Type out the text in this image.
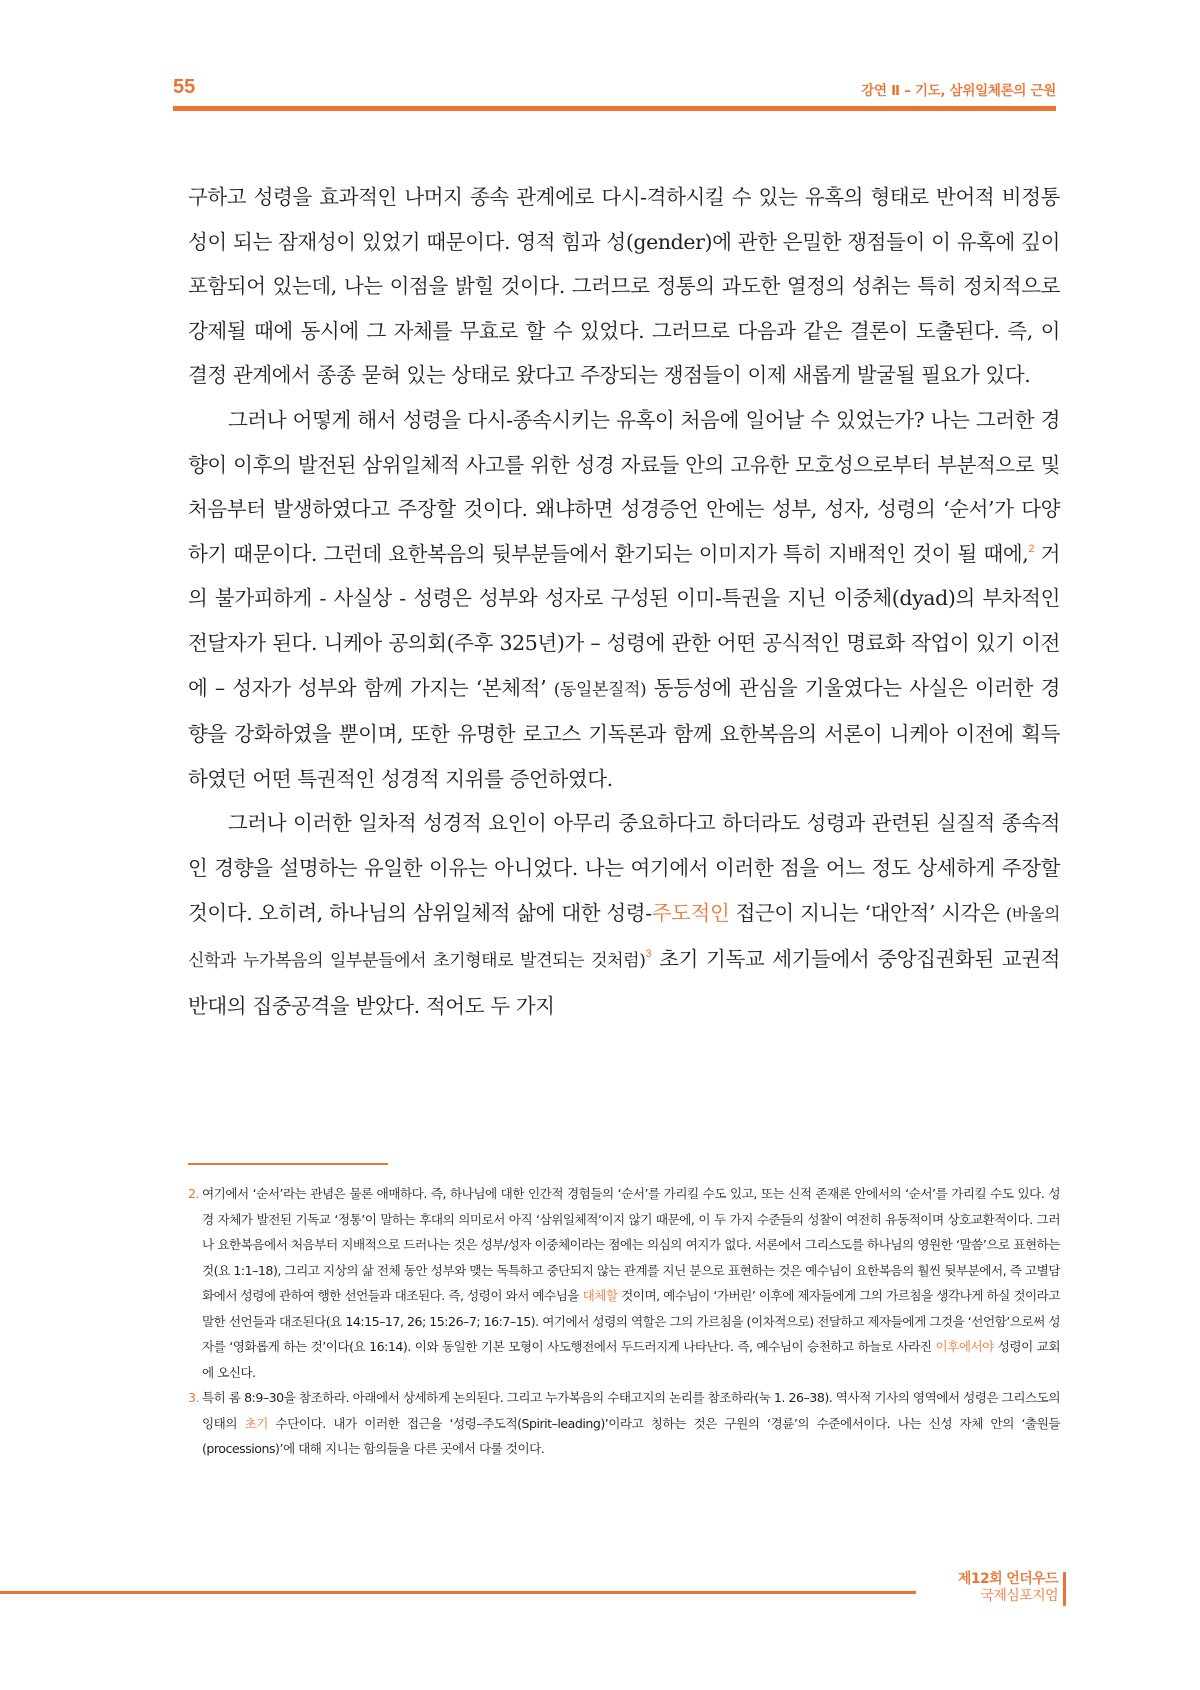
55	강연 Ⅱ – 기도, 삼위일체론의 근원

구하고 성령을 효과적인 나머지 종속 관계에로 다시-격하시킬 수 있는 유혹의 형태로 반어적 비정통성이 되는 잠재성이 있었기 때문이다. 영적 힘과 성(gender)에 관한 은밀한 쟁점들이 이 유혹에 깊이 포함되어 있는데, 나는 이점을 밝힐 것이다. 그러므로 정통의 과도한 열정의 성취는 특히 정치적으로 강제될 때에 동시에 그 자체를 무효로 할 수 있었다. 그러므로 다음과 같은 결론이 도출된다. 즉, 이 결정 관계에서 종종 묻혀 있는 상태로 왔다고 주장되는 쟁점들이 이제 새롭게 발굴될 필요가 있다.

그러나 어떻게 해서 성령을 다시-종속시키는 유혹이 처음에 일어날 수 있었는가? 나는 그러한 경향이 이후의 발전된 삼위일체적 사고를 위한 성경 자료들 안의 고유한 모호성으로부터 부분적으로 및 처음부터 발생하였다고 주장할 것이다. 왜냐하면 성경증언 안에는 성부, 성자, 성령의 ‘순서’가 다양하기 때문이다. 그런데 요한복음의 뒷부분들에서 환기되는 이미지가 특히 지배적인 것이 될 때에,$^2$ 거의 불가피하게 - 사실상 - 성령은 성부와 성자로 구성된 이미-특권을 지닌 이중체(dyad)의 부차적인 전달자가 된다. 니케아 공의회(주후 325년)가 – 성령에 관한 어떤 공식적인 명료화 작업이 있기 이전에 – 성자가 성부와 함께 가지는 ‘본체적’ (동일본질적) 동등성에 관심을 기울였다는 사실은 이러한 경향을 강화하였을 뿐이며, 또한 유명한 로고스 기독론과 함께 요한복음의 서론이 니케아 이전에 획득하였던 어떤 특권적인 성경적 지위를 증언하였다.

그러나 이러한 일차적 성경적 요인이 아무리 중요하다고 하더라도 성령과 관련된 실질적 종속적인 경향을 설명하는 유일한 이유는 아니었다. 나는 여기에서 이러한 점을 어느 정도 상세하게 주장할 것이다. 오히려, 하나님의 삼위일체적 삶에 대한 성령-주도적인 접근이 지니는 ‘대안적’ 시각은 (바울의 신학과 누가복음의 일부분들에서 초기형태로 발견되는 것처럼)$^3$ 초기 기독교 세기들에서 중앙집권화된 교권적 반대의 집중공격을 받았다. 적어도 두 가지

2. 여기에서 ‘순서’라는 관념은 물론 애매하다. 즉, 하나님에 대한 인간적 경험들의 ‘순서’를 가리킬 수도 있고, 또는 신적 존재론 안에서의 ‘순서’를 가리킬 수도 있다. 성경 자체가 발전된 기독교 ‘정통’이 말하는 후대의 의미로서 아직 ‘삼위일체적’이지 않기 때문에, 이 두 가지 수준들의 성찰이 여전히 유동적이며 상호교환적이다. 그러나 요한복음에서 처음부터 지배적으로 드러나는 것은 성부/성자 이중체이라는 점에는 의심의 여지가 없다. 서론에서 그리스도를 하나님의 영원한 ‘말씀’으로 표현하는 것(요 1:1–18), 그리고 지상의 삶 전체 동안 성부와 맺는 독특하고 중단되지 않는 관계를 지닌 분으로 표현하는 것은 예수님이 요한복음의 훨씬 뒷부분에서, 즉 고별담화에서 성령에 관하여 행한 선언들과 대조된다. 즉, 성령이 와서 예수님을 대체할 것이며, 예수님이 ‘가버린’ 이후에 제자들에게 그의 가르침을 생각나게 하실 것이라고 말한 선언들과 대조된다(요 14:15–17, 26; 15:26–7; 16:7–15). 여기에서 성령의 역할은 그의 가르침을 (이차적으로) 전달하고 제자들에게 그것을 ‘선언함’으로써 성자를 ‘영화롭게 하는 것’이다(요 16:14). 이와 동일한 기본 모형이 사도행전에서 두드러지게 나타난다. 즉, 예수님이 승천하고 하늘로 사라진 이후에서야 성령이 교회에 오신다.

3. 특히 롬 8:9–30을 참조하라. 아래에서 상세하게 논의된다. 그리고 누가복음의 수태고지의 논리를 참조하라(눅 1. 26–38). 역사적 기사의 영역에서 성령은 그리스도의 잉태의 초기 수단이다. 내가 이러한 접근을 ‘성령–주도적(Spirit–leading)’이라고 칭하는 것은 구원의 ‘경륜’의 수준에서이다. 나는 신성 자체 안의 ‘출원들(processions)’에 대해 지니는 함의들을 다른 곳에서 다룰 것이다.

제12회 언더우드
국제심포지엄
